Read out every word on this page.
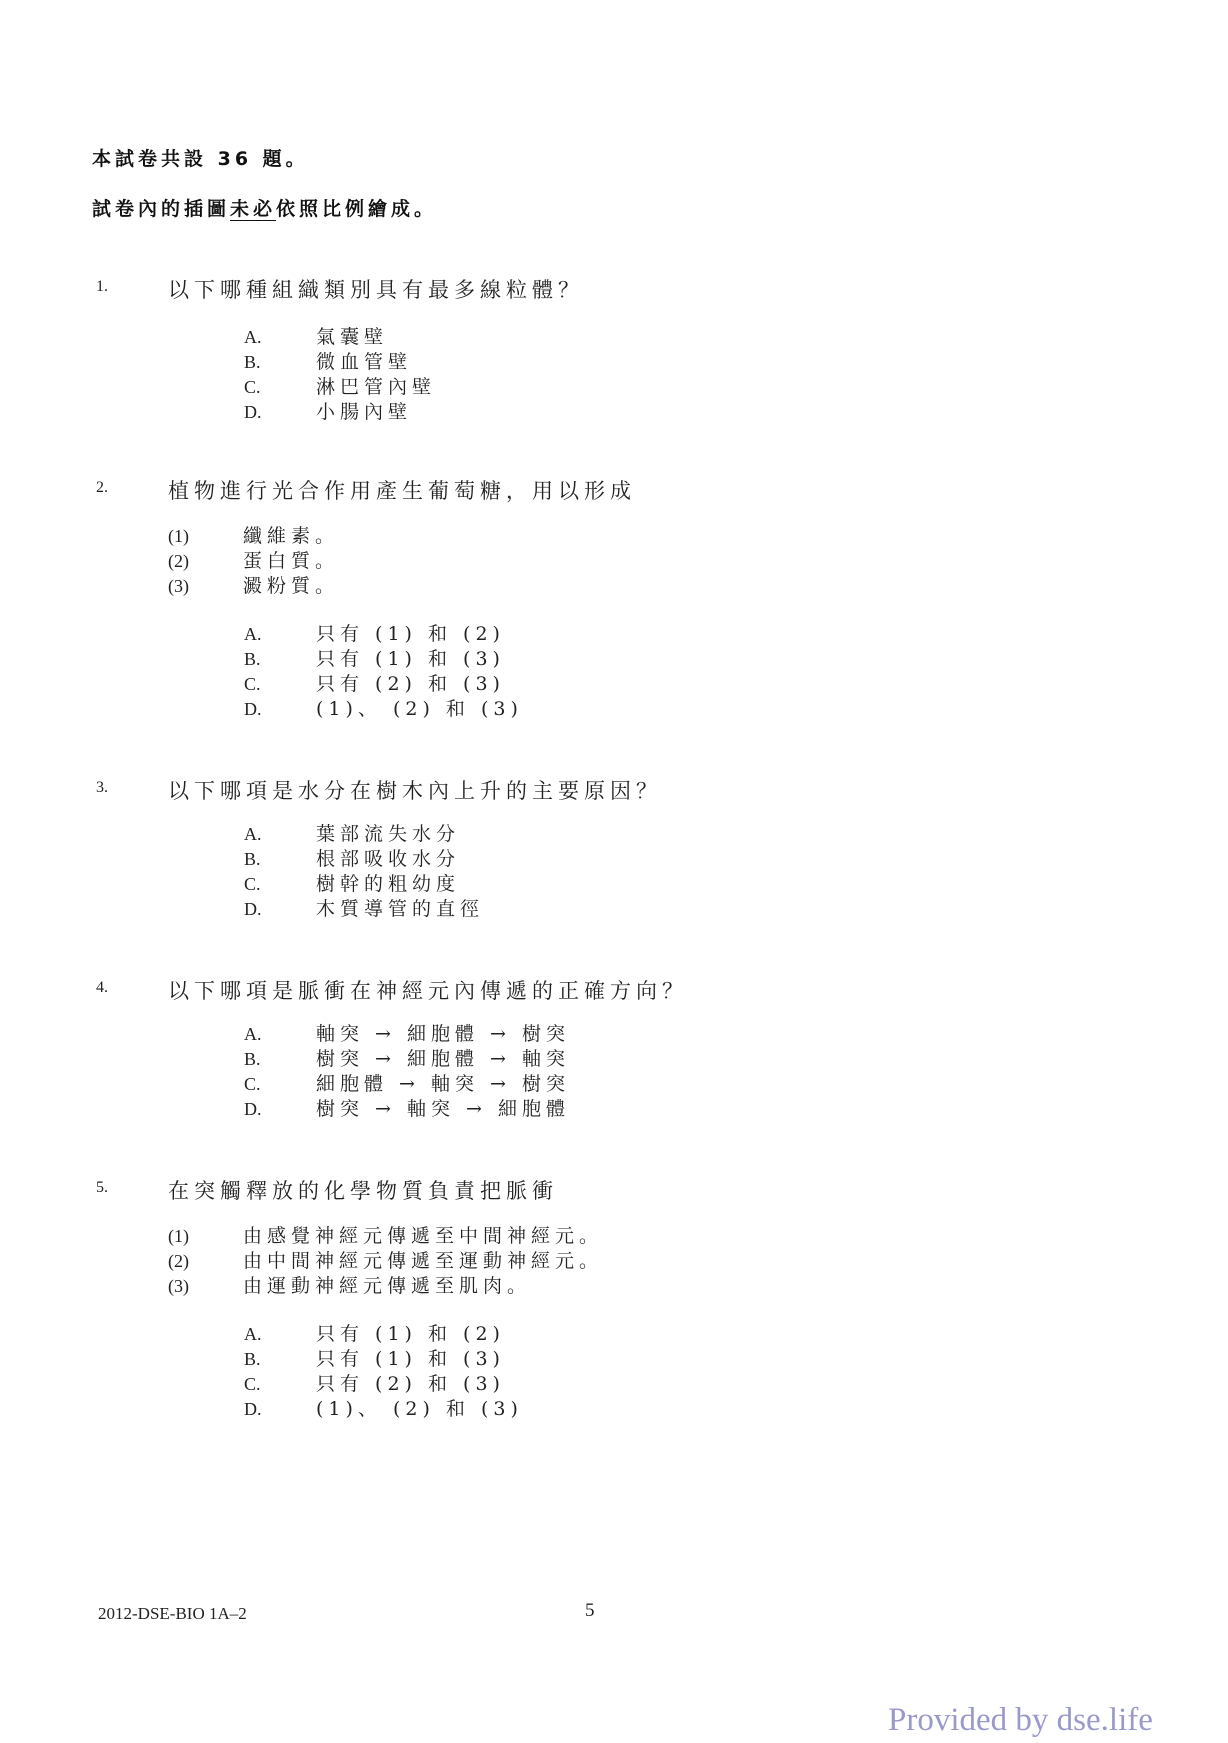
本試卷共設 36 題。
試卷內的插圖未必依照比例繪成。
1.	以下哪種組織類別具有最多線粒體？
A.	氣囊壁
B.	微血管壁
C.	淋巴管內壁
D.	小腸內壁
2.	植物進行光合作用產生葡萄糖，用以形成
(1)	纖維素。
(2)	蛋白質。
(3)	澱粉質。
A.	只有 (1) 和 (2)
B.	只有 (1) 和 (3)
C.	只有 (2) 和 (3)
D.	(1)、 (2) 和 (3)
3.	以下哪項是水分在樹木內上升的主要原因？
A.	葉部流失水分
B.	根部吸收水分
C.	樹幹的粗幼度
D.	木質導管的直徑
4.	以下哪項是脈衝在神經元內傳遞的正確方向？
A.	軸突 → 細胞體 → 樹突
B.	樹突 → 細胞體 → 軸突
C.	細胞體 → 軸突 → 樹突
D.	樹突 → 軸突 → 細胞體
5.	在突觸釋放的化學物質負責把脈衝
(1)	由感覺神經元傳遞至中間神經元。
(2)	由中間神經元傳遞至運動神經元。
(3)	由運動神經元傳遞至肌肉。
A.	只有 (1) 和 (2)
B.	只有 (1) 和 (3)
C.	只有 (2) 和 (3)
D.	(1)、 (2) 和 (3)
2012-DSE-BIO 1A–2	5
Provided by dse.life
